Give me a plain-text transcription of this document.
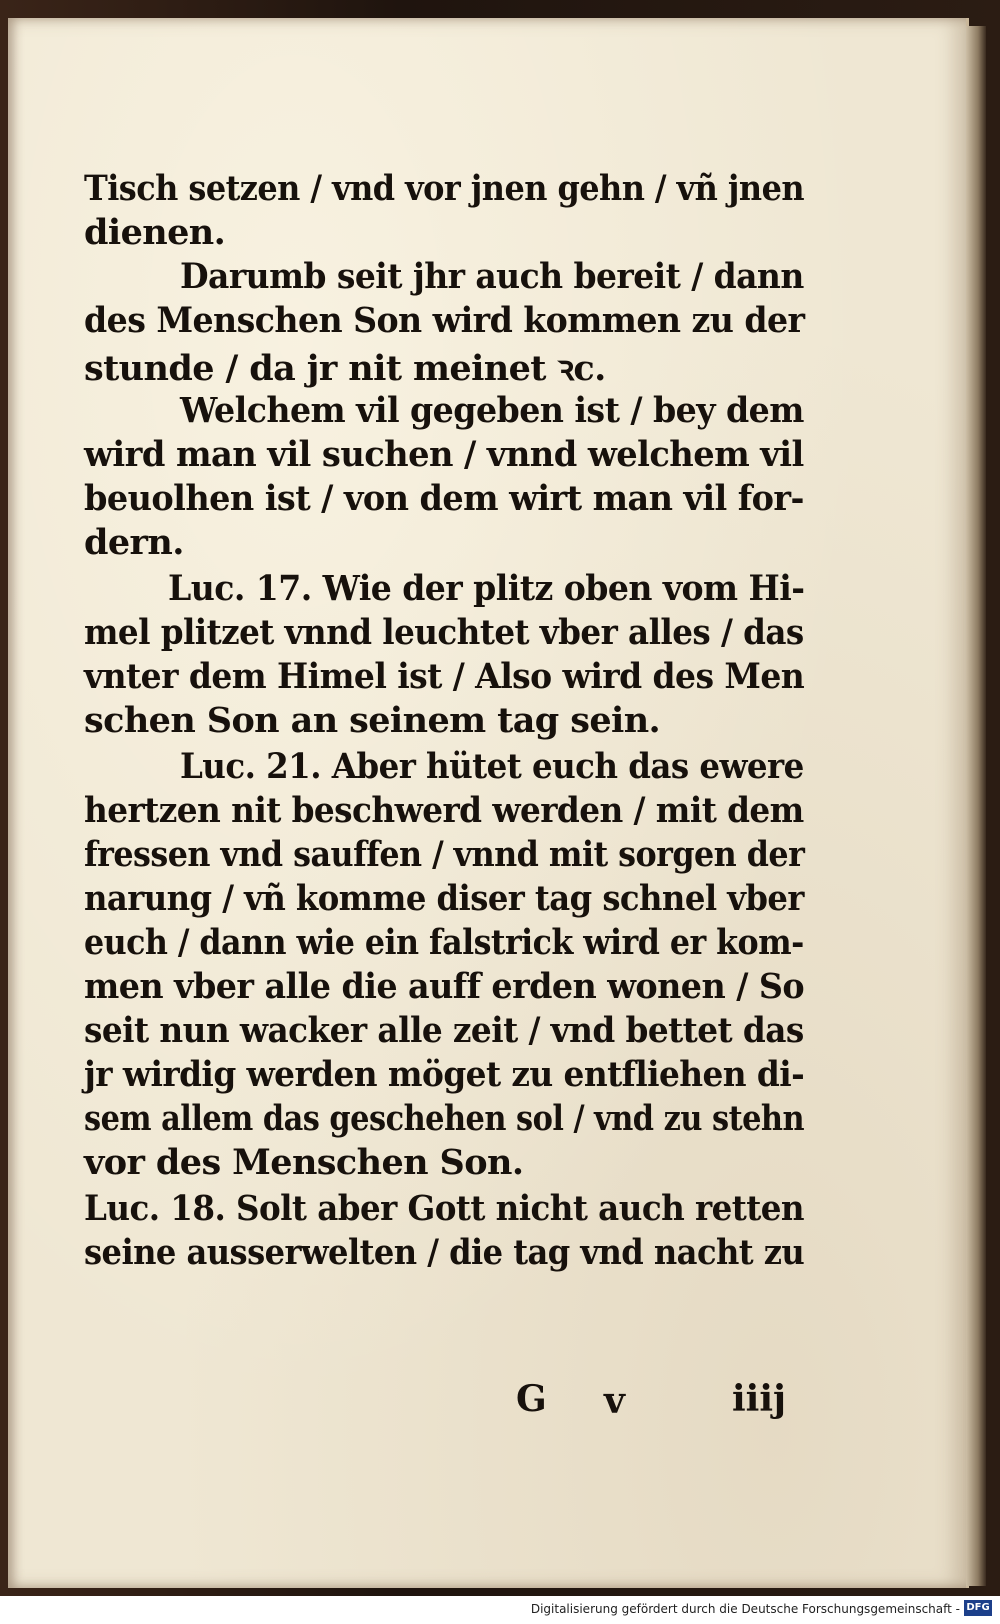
Tisch setzen / vnd vor jnen gehn / vñ jnen
dienen.
Darumb seit jhr auch bereit / dann
des Menschen Son wird kommen zu der
stunde / da jr nit meinet ꝛc.
Welchem vil gegeben ist / bey dem
wird man vil suchen / vnnd welchem vil
beuolhen ist / von dem wirt man vil for-
dern.
Luc. 17. Wie der plitz oben vom Hi-
mel plitzet vnnd leuchtet vber alles / das
vnter dem Himel ist / Also wird des Men
schen Son an seinem tag sein.
Luc. 21. Aber hütet euch das ewere
hertzen nit beschwerd werden / mit dem
fressen vnd sauffen / vnnd mit sorgen der
narung / vñ komme diser tag schnel vber
euch / dann wie ein falstrick wird er kom-
men vber alle die auff erden wonen / So
seit nun wacker alle zeit / vnd bettet das
jr wirdig werden möget zu entfliehen di-
sem allem das geschehen sol / vnd zu stehn
vor des Menschen Son.
Luc. 18. Solt aber Gott nicht auch retten
seine ausserwelten / die tag vnd nacht zu
G v	iiij
Digitalisierung gefördert durch die Deutsche Forschungsgemeinschaft - DFG
